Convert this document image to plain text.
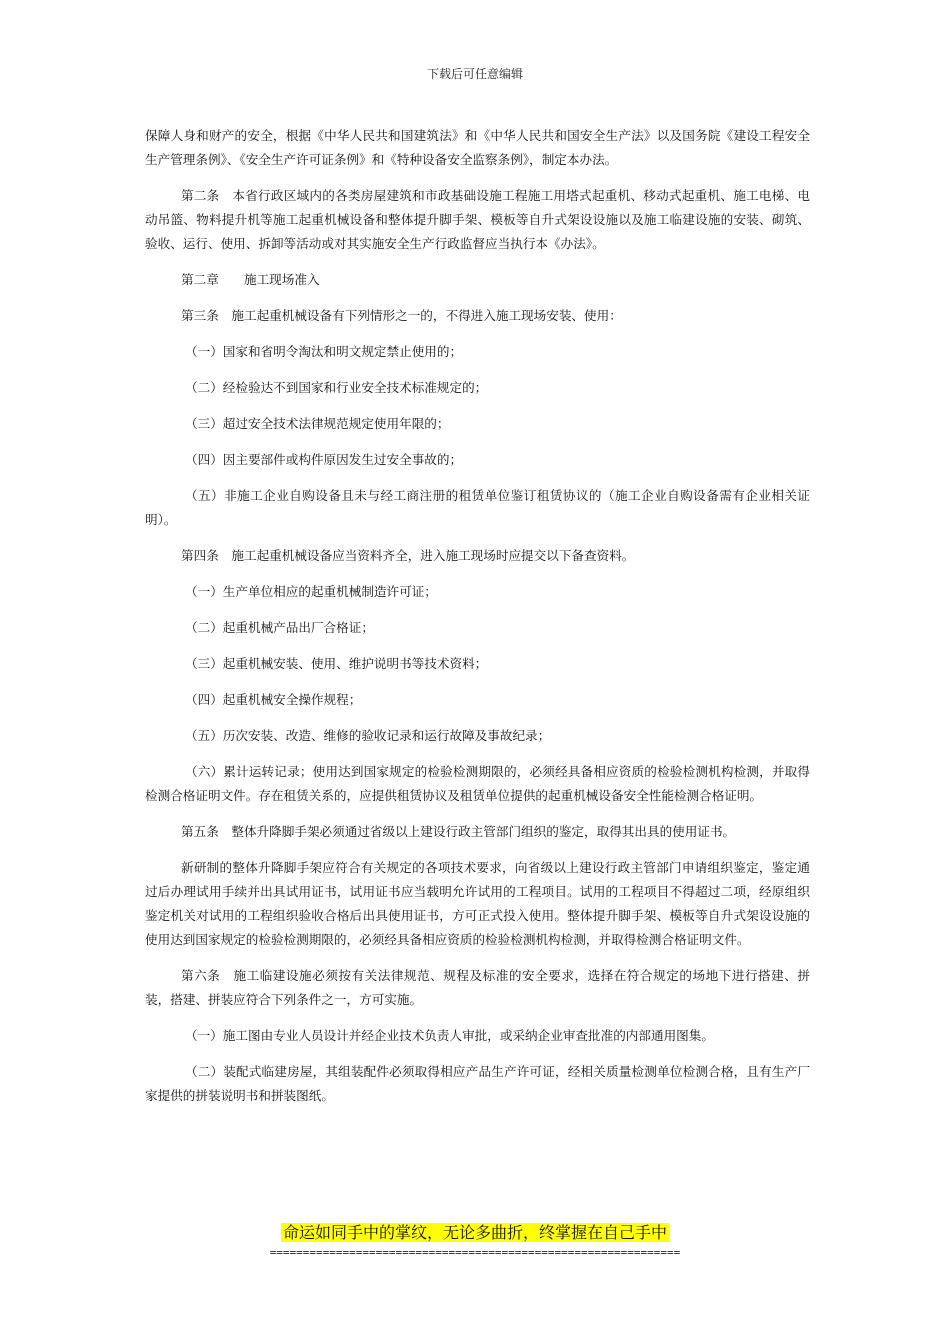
下载后可任意编辑

保障人身和财产的安全，根据《中华人民共和国建筑法》和《中华人民共和国安全生产法》以及国务院《建设工程安全生产管理条例》、《安全生产许可证条例》和《特种设备安全监察条例》，制定本办法。

第二条　本省行政区域内的各类房屋建筑和市政基础设施工程施工用塔式起重机、移动式起重机、施工电梯、电动吊篮、物料提升机等施工起重机械设备和整体提升脚手架、模板等自升式架设设施以及施工临建设施的安装、砌筑、验收、运行、使用、拆卸等活动或对其实施安全生产行政监督应当执行本《办法》。

第二章　　施工现场准入

第三条　施工起重机械设备有下列情形之一的，不得进入施工现场安装、使用：

（一）国家和省明令淘汰和明文规定禁止使用的；

（二）经检验达不到国家和行业安全技术标准规定的；

（三）超过安全技术法律规范规定使用年限的；

（四）因主要部件或构件原因发生过安全事故的；

（五）非施工企业自购设备且未与经工商注册的租赁单位鉴订租赁协议的（施工企业自购设备需有企业相关证明）。

第四条　施工起重机械设备应当资料齐全，进入施工现场时应提交以下备查资料。

（一）生产单位相应的起重机械制造许可证；

（二）起重机械产品出厂合格证；

（三）起重机械安装、使用、维护说明书等技术资料；

（四）起重机械安全操作规程；

（五）历次安装、改造、维修的验收记录和运行故障及事故纪录；

（六）累计运转记录；使用达到国家规定的检验检测期限的，必须经具备相应资质的检验检测机构检测，并取得检测合格证明文件。存在租赁关系的，应提供租赁协议及租赁单位提供的起重机械设备安全性能检测合格证明。

第五条　整体升降脚手架必须通过省级以上建设行政主管部门组织的鉴定，取得其出具的使用证书。

新研制的整体升降脚手架应符合有关规定的各项技术要求，向省级以上建设行政主管部门申请组织鉴定，鉴定通过后办理试用手续并出具试用证书，试用证书应当载明允许试用的工程项目。试用的工程项目不得超过二项，经原组织鉴定机关对试用的工程组织验收合格后出具使用证书，方可正式投入使用。整体提升脚手架、模板等自升式架设设施的使用达到国家规定的检验检测期限的，必须经具备相应资质的检验检测机构检测，并取得检测合格证明文件。

第六条　施工临建设施必须按有关法律规范、规程及标准的安全要求，选择在符合规定的场地下进行搭建、拼装，搭建、拼装应符合下列条件之一，方可实施。

（一）施工图由专业人员设计并经企业技术负责人审批，或采纳企业审查批准的内部通用图集。

（二）装配式临建房屋，其组装配件必须取得相应产品生产许可证，经相关质量检测单位检测合格，且有生产厂家提供的拼装说明书和拼装图纸。

命运如同手中的掌纹，无论多曲折，终掌握在自己手中
==============================================================
